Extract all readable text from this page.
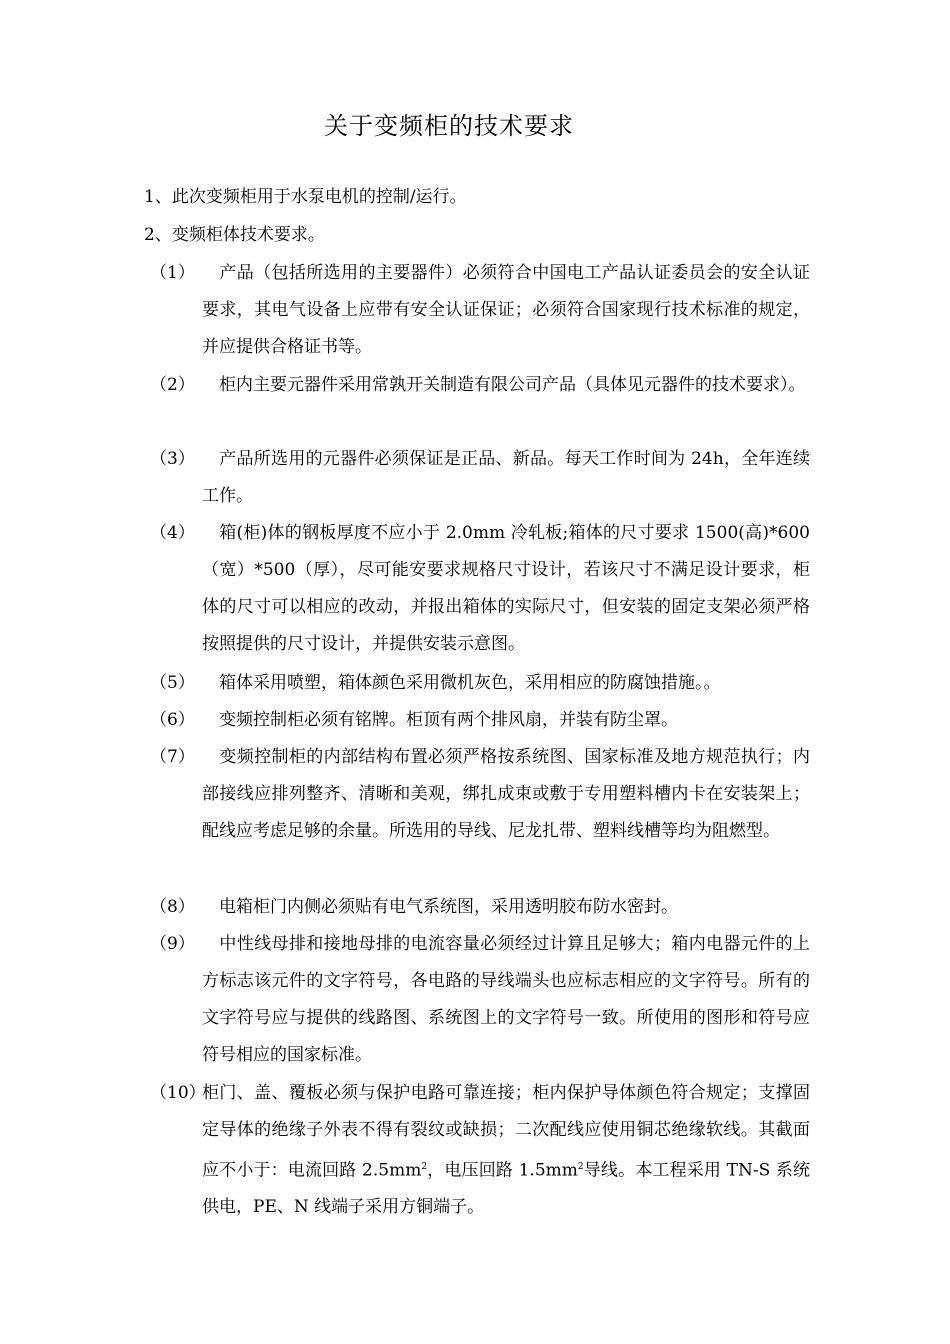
关于变频柜的技术要求
1、此次变频柜用于水泵电机的控制/运行。
2、变频柜体技术要求。
（1） 　产品（包括所选用的主要器件）必须符合中国电工产品认证委员会的安全认证要求，其电气设备上应带有安全认证保证；必须符合国家现行技术标准的规定，并应提供合格证书等。
（2） 　柜内主要元器件采用常孰开关制造有限公司产品（具体见元器件的技术要求）。
（3） 　产品所选用的元器件必须保证是正品、新品。每天工作时间为 24h，全年连续工作。
（4） 　箱(柜)体的钢板厚度不应小于 2.0mm 冷轧板;箱体的尺寸要求 1500(高)*600（宽）*500（厚），尽可能安要求规格尺寸设计，若该尺寸不满足设计要求，柜体的尺寸可以相应的改动，并报出箱体的实际尺寸，但安装的固定支架必须严格按照提供的尺寸设计，并提供安装示意图。
（5） 　箱体采用喷塑，箱体颜色采用微机灰色，采用相应的防腐蚀措施。。
（6） 　变频控制柜必须有铭牌。柜顶有两个排风扇，并装有防尘罩。
（7） 　变频控制柜的内部结构布置必须严格按系统图、国家标准及地方规范执行；内部接线应排列整齐、清晰和美观，绑扎成束或敷于专用塑料槽内卡在安装架上；配线应考虑足够的余量。所选用的导线、尼龙扎带、塑料线槽等均为阻燃型。
（8） 　电箱柜门内侧必须贴有电气系统图，采用透明胶布防水密封。
（9） 　中性线母排和接地母排的电流容量必须经过计算且足够大；箱内电器元件的上方标志该元件的文字符号，各电路的导线端头也应标志相应的文字符号。所有的文字符号应与提供的线路图、系统图上的文字符号一致。所使用的图形和符号应符号相应的国家标准。
（10）
柜门、盖、覆板必须与保护电路可靠连接；柜内保护导体颜色符合规定；支撑固定导体的绝缘子外表不得有裂纹或缺损；二次配线应使用铜芯绝缘软线。其截面应不小于：电流回路 $2.5mm^2$，电压回路 $1.5mm^2$导线。本工程采用 TN-S 系统供电，PE、N 线端子采用方铜端子。
